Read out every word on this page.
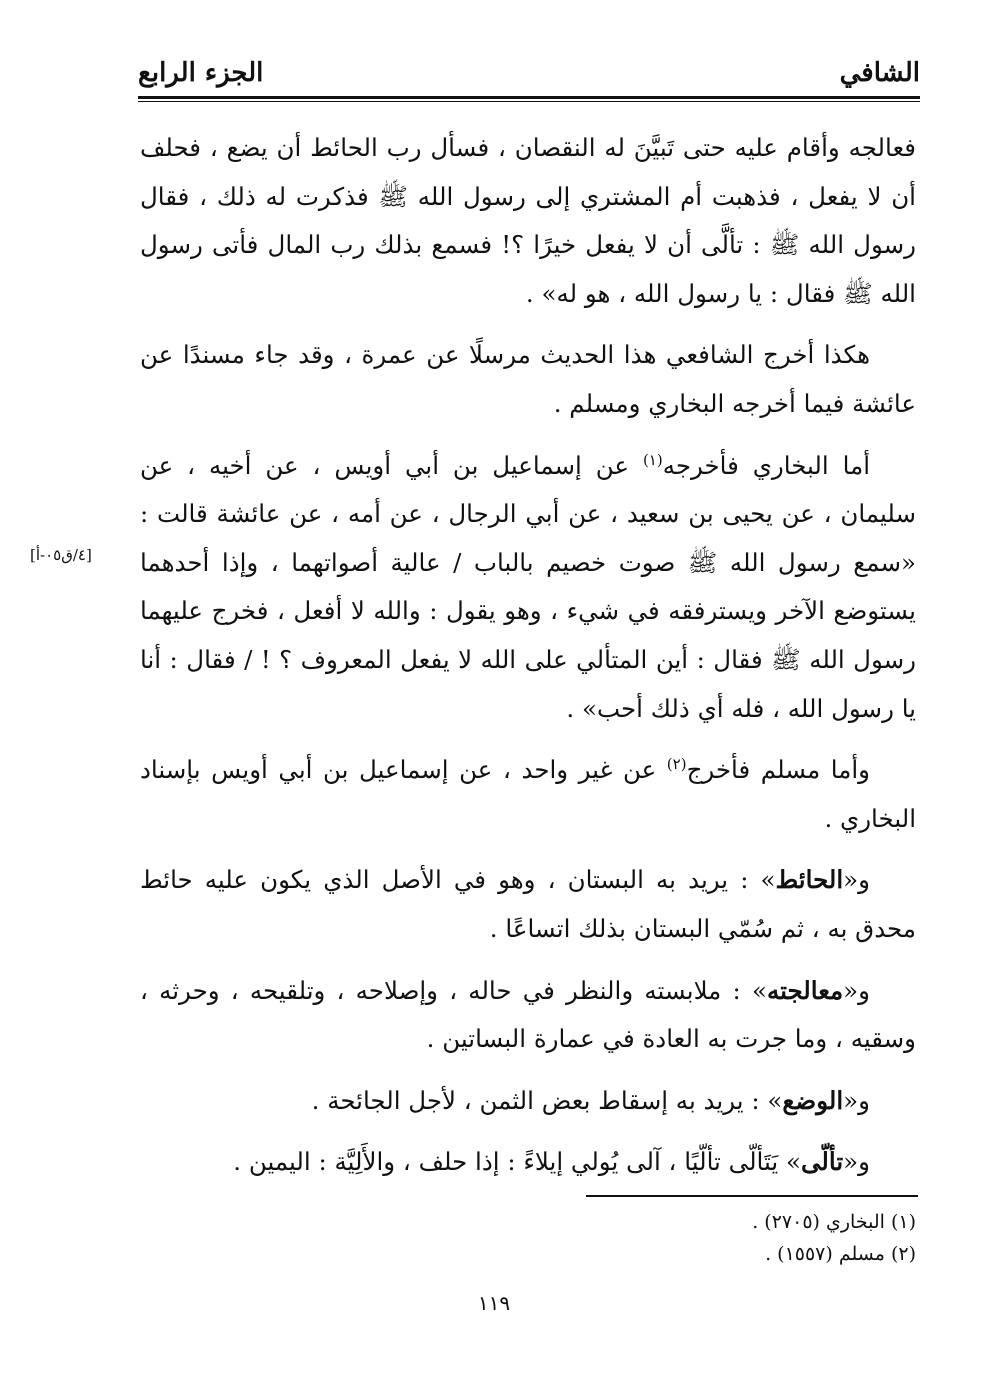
الشافي
الجزء الرابع

فعالجه وأقام عليه حتى تَبيَّنَ له النقصان ، فسأل رب الحائط أن يضع ، فحلف أن لا يفعل ، فذهبت أم المشتري إلى رسول الله ﷺ فذكرت له ذلك ، فقال رسول الله ﷺ : تألَّى أن لا يفعل خيرًا ؟! فسمع بذلك رب المال فأتى رسول الله ﷺ فقال : يا رسول الله ، هو له» .

هكذا أخرج الشافعي هذا الحديث مرسلًا عن عمرة ، وقد جاء مسندًا عن عائشة فيما أخرجه البخاري ومسلم .

أما البخاري فأخرجه$^{(١)}$ عن إسماعيل بن أبي أويس ، عن أخيه ، عن سليمان ، عن يحيى بن سعيد ، عن أبي الرجال ، عن أمه ، عن عائشة قالت : «سمع رسول الله ﷺ صوت خصيم بالباب / عالية أصواتهما ، وإذا أحدهما يستوضع الآخر ويسترفقه في شيء ، وهو يقول : والله لا أفعل ، فخرج عليهما رسول الله ﷺ فقال : أين المتألي على الله لا يفعل المعروف ؟ ! / فقال : أنا يا رسول الله ، فله أي ذلك أحب» .

وأما مسلم فأخرج$^{(٢)}$ عن غير واحد ، عن إسماعيل بن أبي أويس بإسناد البخاري .

و«الحائط» : يريد به البستان ، وهو في الأصل الذي يكون عليه حائط محدق به ، ثم سُمّي البستان بذلك اتساعًا .

و«معالجته» : ملابسته والنظر في حاله ، وإصلاحه ، وتلقيحه ، وحرثه ، وسقيه ، وما جرت به العادة في عمارة البساتين .

و«الوضع» : يريد به إسقاط بعض الثمن ، لأجل الجائحة .

و«تألّى» يَتَألّى تألّيًا ، آلى يُولي إيلاءً : إذا حلف ، والأَلِيَّة : اليمين .

[٤/ق٠٥-أ]
(١) البخاري (٢٧٠٥) .
(٢) مسلم (١٥٥٧) .
١١٩
